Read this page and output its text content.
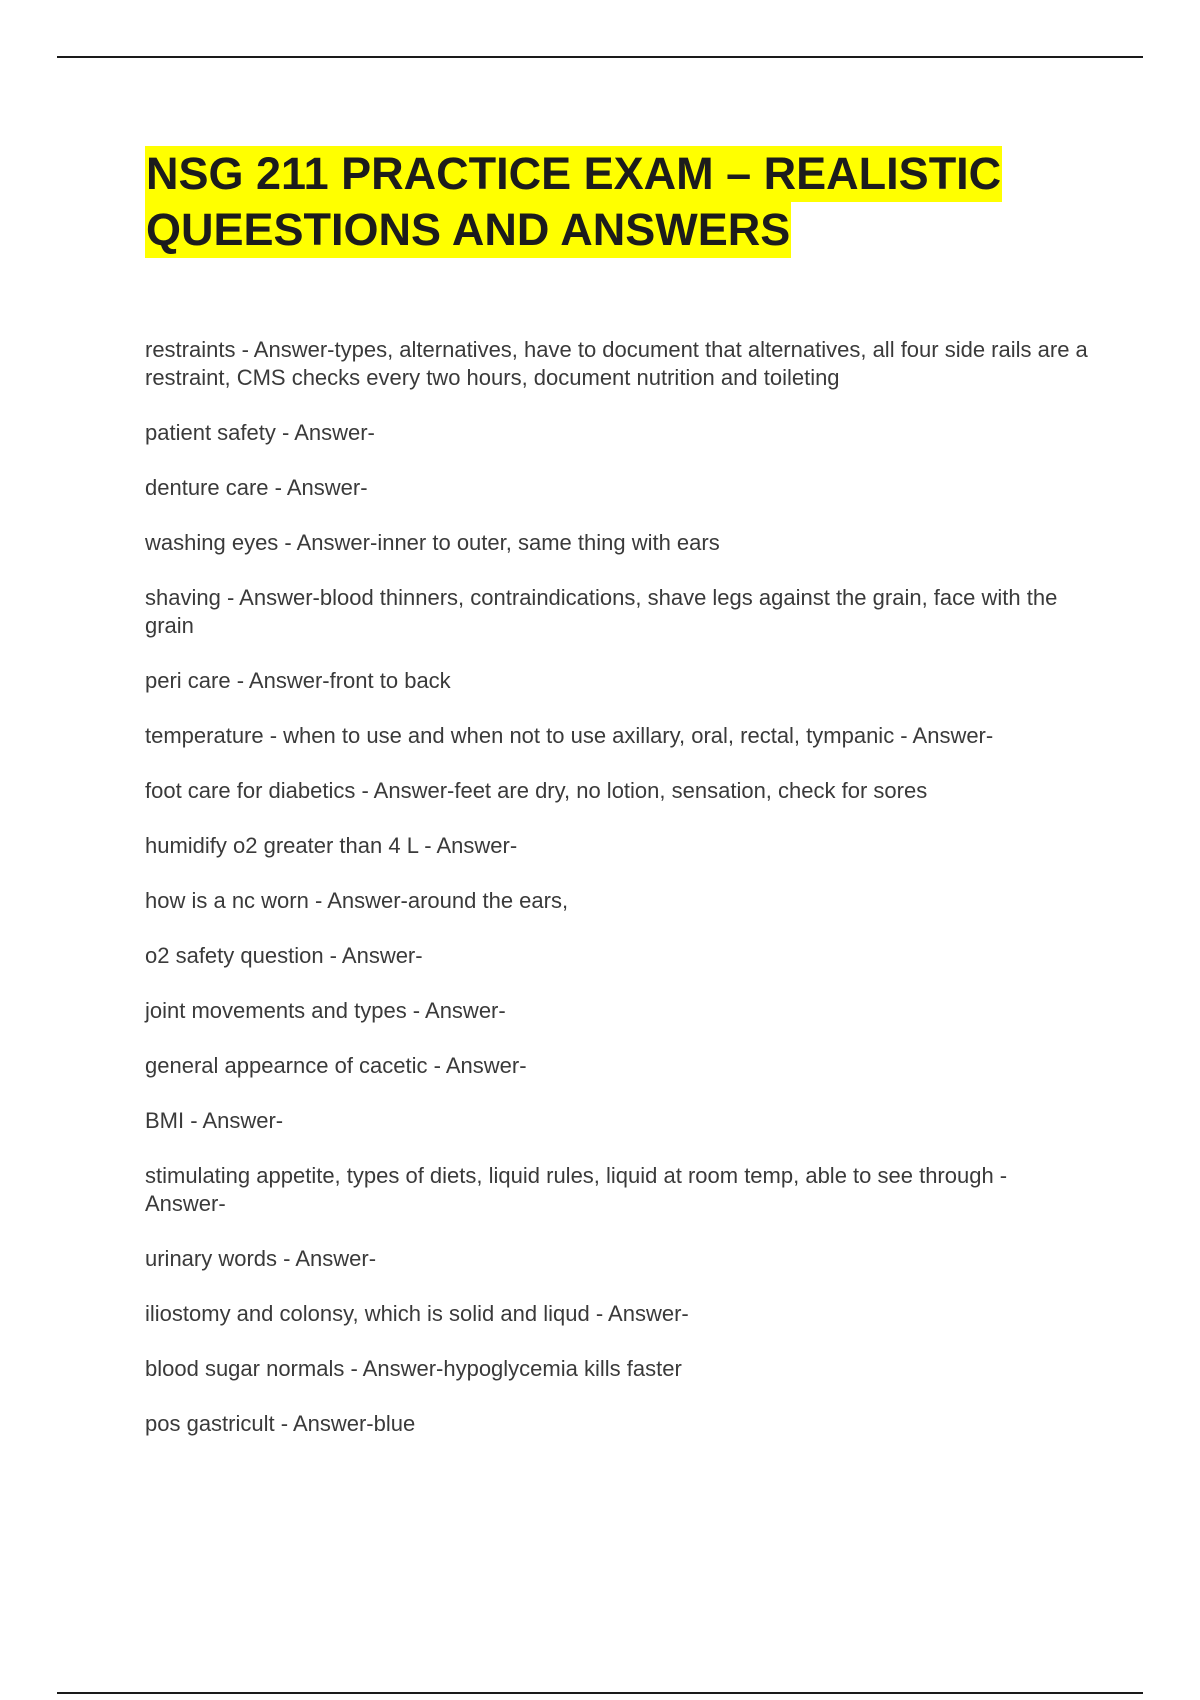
NSG 211 PRACTICE EXAM – REALISTIC
QUEESTIONS AND ANSWERS
restraints - Answer-types, alternatives, have to document that alternatives, all four side rails are a restraint, CMS checks every two hours, document nutrition and toileting
patient safety - Answer-
denture care - Answer-
washing eyes - Answer-inner to outer, same thing with ears
shaving - Answer-blood thinners, contraindications, shave legs against the grain, face with the grain
peri care - Answer-front to back
temperature - when to use and when not to use axillary, oral, rectal, tympanic - Answer-
foot care for diabetics - Answer-feet are dry, no lotion, sensation, check for sores
humidify o2 greater than 4 L - Answer-
how is a nc worn - Answer-around the ears,
o2 safety question - Answer-
joint movements and types - Answer-
general appearnce of cacetic - Answer-
BMI - Answer-
stimulating appetite, types of diets, liquid rules, liquid at room temp, able to see through - Answer-
urinary words - Answer-
iliostomy and colonsy, which is solid and liqud - Answer-
blood sugar normals - Answer-hypoglycemia kills faster
pos gastricult - Answer-blue
